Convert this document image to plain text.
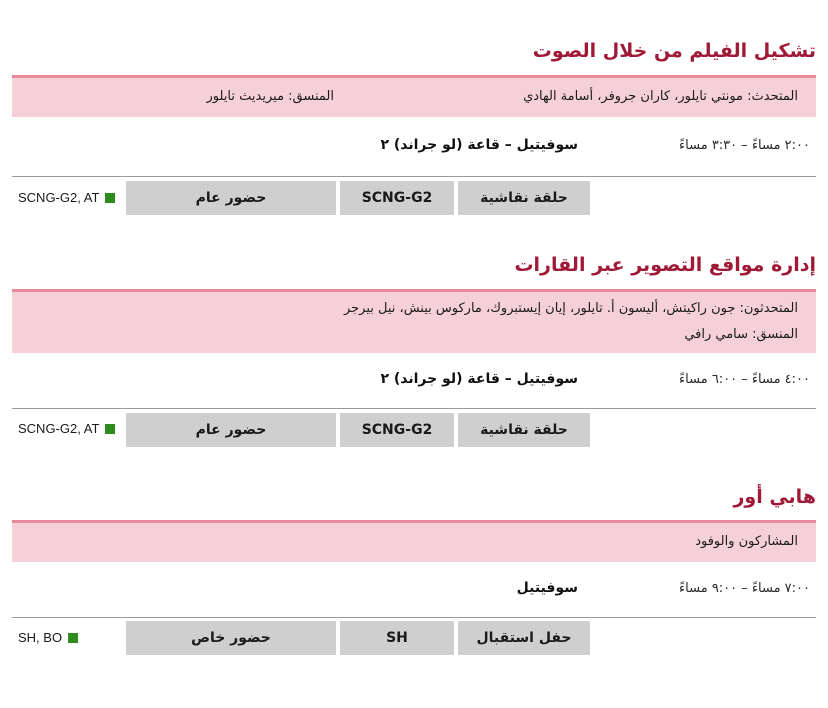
تشكيل الفيلم من خلال الصوت
المتحدث: مونتي تايلور، كاران جروفر، أسامة الهادي
المنسق: ميريديث تايلور
٢:٠٠ مساءً – ٣:٣٠ مساءً
سوفيتيل – قاعة (لو جراند) ٢
حلقة نقاشية
SCNG-G2
حضور عام
SCNG-G2, AT
إدارة مواقع التصوير عبر القارات
المتحدثون: جون راكيتش، أليسون أ. تايلور، إيان إيستبروك، ماركوس بينش، نيل بيرجر
المنسق: سامي رافي
٤:٠٠ مساءً – ٦:٠٠ مساءً
سوفيتيل – قاعة (لو جراند) ٢
حلقة نقاشية
SCNG-G2
حضور عام
SCNG-G2, AT
هابي أور
المشاركون والوفود
٧:٠٠ مساءً – ٩:٠٠ مساءً
سوفيتيل
حفل استقبال
SH
حضور خاص
SH, BO
